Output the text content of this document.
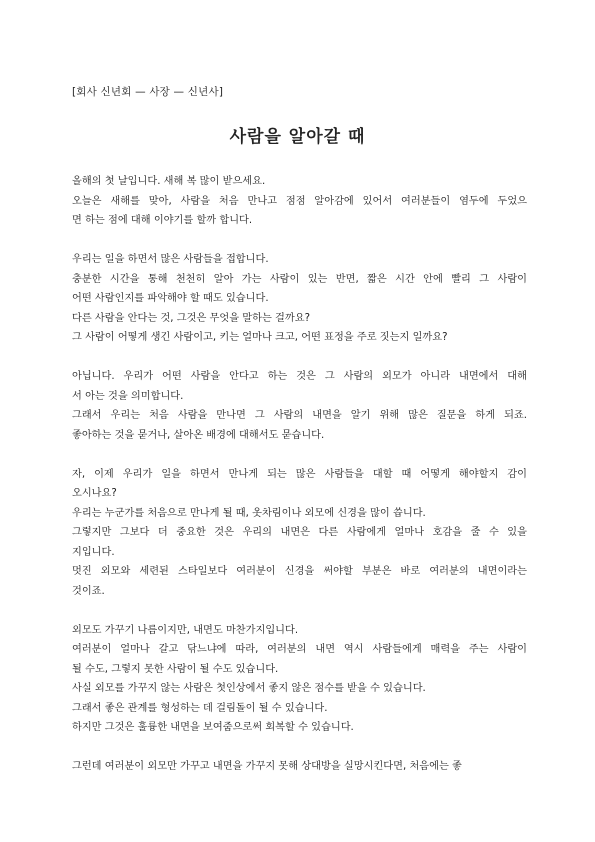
[회사 신년회 — 사장 — 신년사]
사람을 알아갈 때

올해의 첫 날입니다. 새해 복 많이 받으세요.
오늘은 새해를 맞아, 사람을 처음 만나고 점점 알아감에 있어서 여러분들이 염두에 두었으
면 하는 점에 대해 이야기를 할까 합니다.

우리는 일을 하면서 많은 사람들을 접합니다.
충분한 시간을 통해 천천히 알아 가는 사람이 있는 반면, 짧은 시간 안에 빨리 그 사람이
어떤 사람인지를 파악해야 할 때도 있습니다.
다른 사람을 안다는 것, 그것은 무엇을 말하는 걸까요?
그 사람이 어떻게 생긴 사람이고, 키는 얼마나 크고, 어떤 표정을 주로 짓는지 일까요?

아닙니다. 우리가 어떤 사람을 안다고 하는 것은 그 사람의 외모가 아니라 내면에서 대해
서 아는 것을 의미합니다.
그래서 우리는 처음 사람을 만나면 그 사람의 내면을 알기 위해 많은 질문을 하게 되죠.
좋아하는 것을 묻거나, 살아온 배경에 대해서도 묻습니다.

자, 이제 우리가 일을 하면서 만나게 되는 많은 사람들을 대할 때 어떻게 해야할지 감이
오시나요?
우리는 누군가를 처음으로 만나게 될 때, 옷차림이나 외모에 신경을 많이 씁니다.
그렇지만 그보다 더 중요한 것은 우리의 내면은 다른 사람에게 얼마나 호감을 줄 수 있을
지입니다.
멋진 외모와 세련된 스타일보다 여러분이 신경을 써야할 부분은 바로 여러분의 내면이라는
것이죠.

외모도 가꾸기 나름이지만, 내면도 마찬가지입니다.
여러분이 얼마나 갈고 닦느냐에 따라, 여러분의 내면 역시 사람들에게 매력을 주는 사람이
될 수도, 그렇지 못한 사람이 될 수도 있습니다.
사실 외모를 가꾸지 않는 사람은 첫인상에서 좋지 않은 점수를 받을 수 있습니다.
그래서 좋은 관계를 형성하는 데 걸림돌이 될 수 있습니다.
하지만 그것은 훌륭한 내면을 보여줌으로써 회복할 수 있습니다.

그런데 여러분이 외모만 가꾸고 내면을 가꾸지 못해 상대방을 실망시킨다면, 처음에는 좋
